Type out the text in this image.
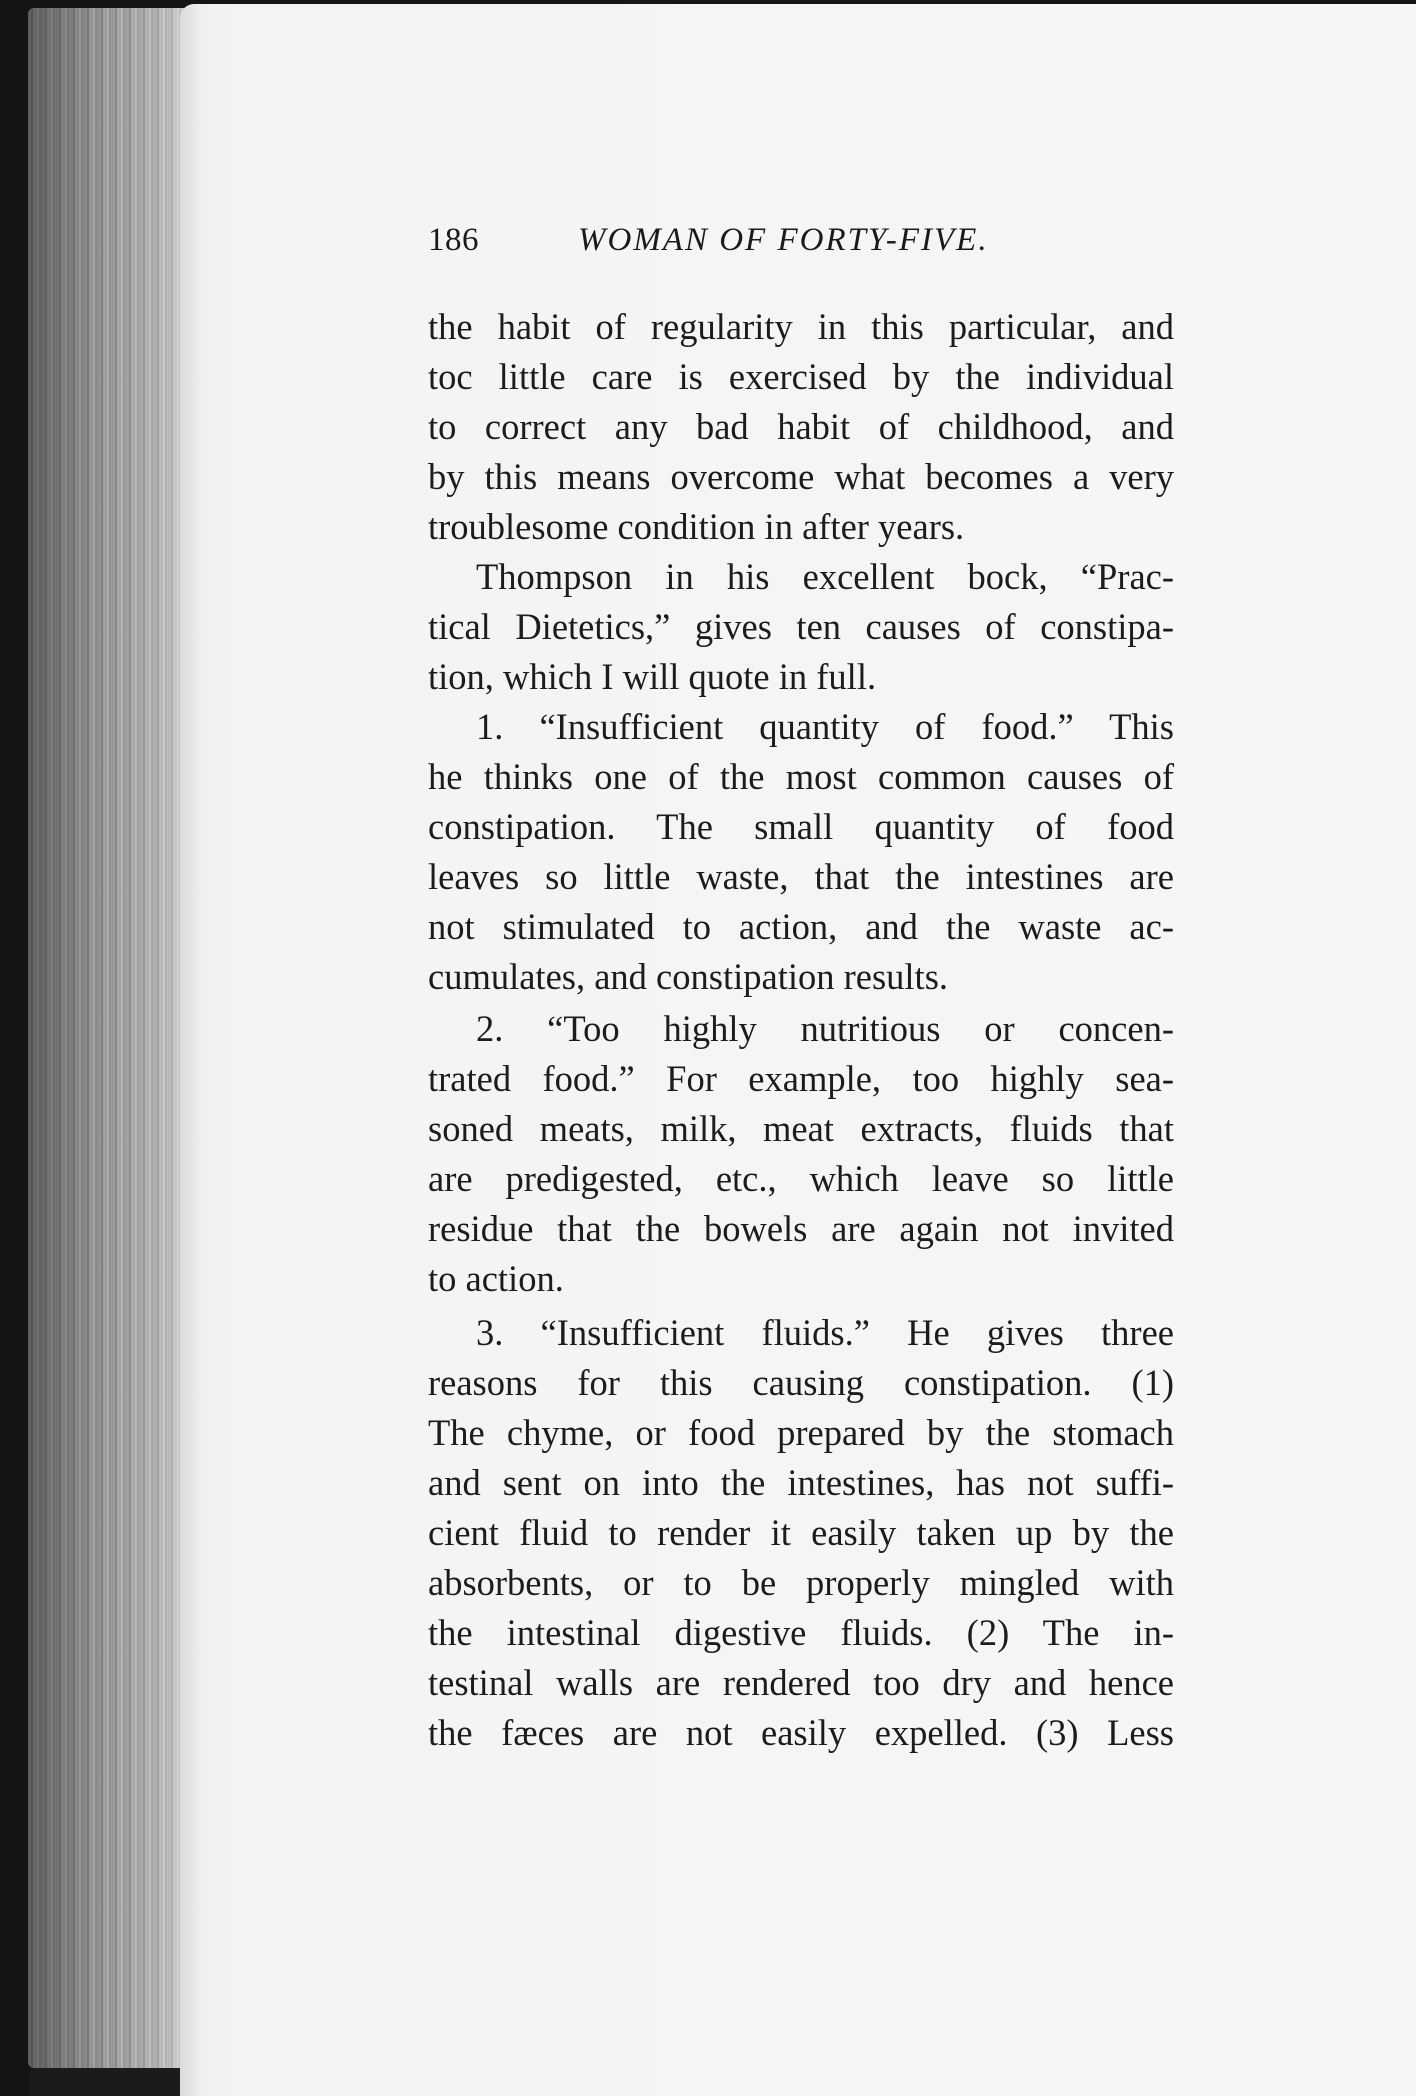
186	WOMAN OF FORTY-FIVE.
the habit of regularity in this particular, and
toc little care is exercised by the individual
to correct any bad habit of childhood, and
by this means overcome what becomes a very
troublesome condition in after years.
Thompson in his excellent bock, “Prac-
tical Dietetics,” gives ten causes of constipa-
tion, which I will quote in full.
1. “Insufficient quantity of food.” This
he thinks one of the most common causes of
constipation. The small quantity of food
leaves so little waste, that the intestines are
not stimulated to action, and the waste ac-
cumulates, and constipation results.
2. “Too highly nutritious or concen-
trated food.” For example, too highly sea-
soned meats, milk, meat extracts, fluids that
are predigested, etc., which leave so little
residue that the bowels are again not invited
to action.
3. “Insufficient fluids.” He gives three
reasons for this causing constipation. (1)
The chyme, or food prepared by the stomach
and sent on into the intestines, has not suffi-
cient fluid to render it easily taken up by the
absorbents, or to be properly mingled with
the intestinal digestive fluids. (2) The in-
testinal walls are rendered too dry and hence
the fæces are not easily expelled. (3) Less
